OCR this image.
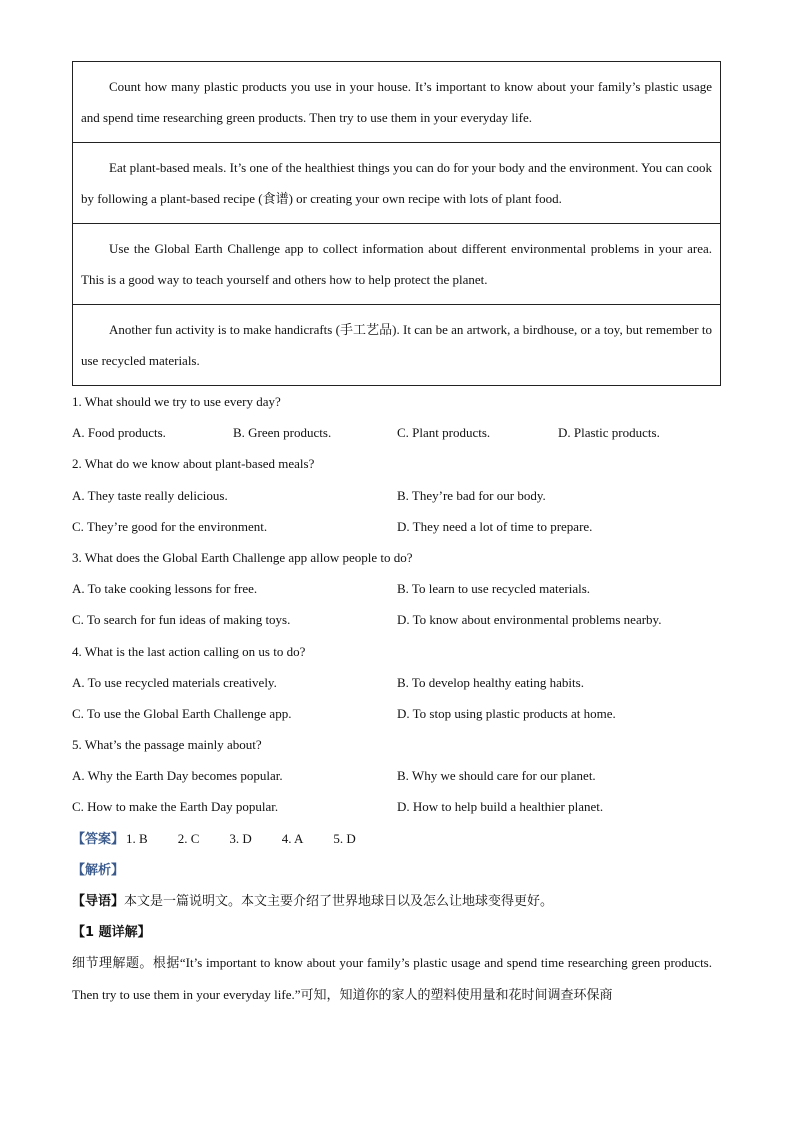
Count how many plastic products you use in your house. It’s important to know about your family’s plastic usage and spend time researching green products. Then try to use them in your everyday life.
Eat plant-based meals. It’s one of the healthiest things you can do for your body and the environment. You can cook by following a plant-based recipe (食谱) or creating your own recipe with lots of plant food.
Use the Global Earth Challenge app to collect information about different environmental problems in your area. This is a good way to teach yourself and others how to help protect the planet.
Another fun activity is to make handicrafts (手工艺品). It can be an artwork, a birdhouse, or a toy, but remember to use recycled materials.
1. What should we try to use every day?
A. Food products.	B. Green products.	C. Plant products.	D. Plastic products.
2. What do we know about plant-based meals?
A. They taste really delicious.	B. They’re bad for our body.
C. They’re good for the environment.	D. They need a lot of time to prepare.
3. What does the Global Earth Challenge app allow people to do?
A. To take cooking lessons for free.	B. To learn to use recycled materials.
C. To search for fun ideas of making toys.	D. To know about environmental problems nearby.
4. What is the last action calling on us to do?
A. To use recycled materials creatively.	B. To develop healthy eating habits.
C. To use the Global Earth Challenge app.	D. To stop using plastic products at home.
5. What’s the passage mainly about?
A. Why the Earth Day becomes popular.	B. Why we should care for our planet.
C. How to make the Earth Day popular.	D. How to help build a healthier planet.
【答案】 1. B 2. C 3. D 4. A 5. D
【解析】
【导语】本文是一篇说明文。本文主要介绍了世界地球日以及怎么让地球变得更好。
【1 题详解】
细节理解题。根据“It’s important to know about your family’s plastic usage and spend time researching green products. Then try to use them in your everyday life.”可知，知道你的家人的塑料使用量和花时间调查环保商
